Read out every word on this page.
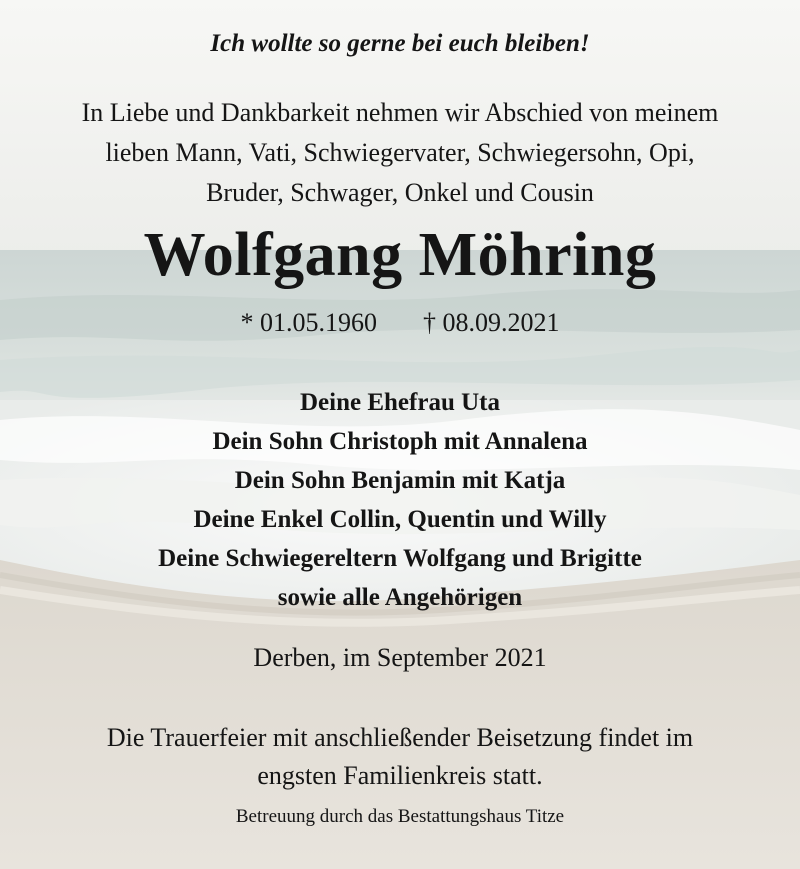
Ich wollte so gerne bei euch bleiben!

In Liebe und Dankbarkeit nehmen wir Abschied von meinem
lieben Mann, Vati, Schwiegervater, Schwiegersohn, Opi,
Bruder, Schwager, Onkel und Cousin
Wolfgang Möhring
* 01.05.1960 † 08.09.2021
Deine Ehefrau Uta
Dein Sohn Christoph mit Annalena
Dein Sohn Benjamin mit Katja
Deine Enkel Collin, Quentin und Willy
Deine Schwiegereltern Wolfgang und Brigitte
sowie alle Angehörigen

Derben, im September 2021

Die Trauerfeier mit anschließender Beisetzung findet im
engsten Familienkreis statt.

Betreuung durch das Bestattungshaus Titze
